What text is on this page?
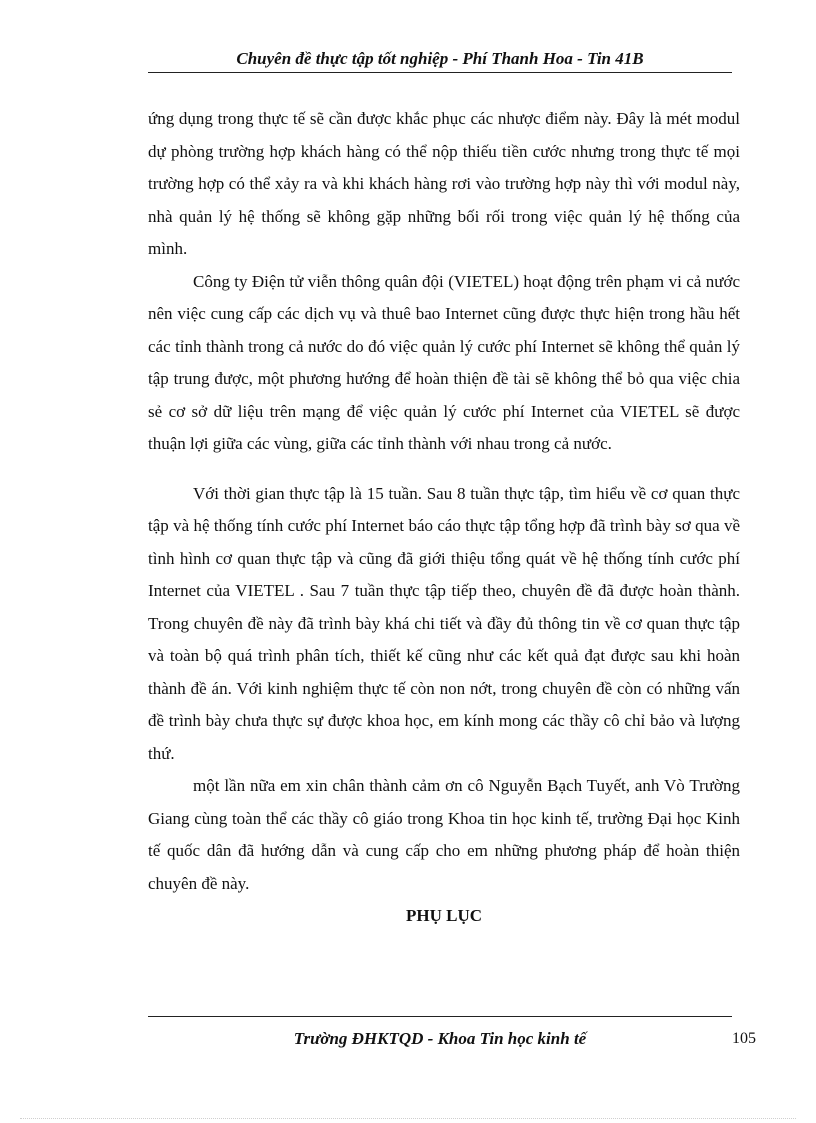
Chuyên đề thực tập tốt nghiệp - Phí Thanh Hoa - Tin 41B

ứng dụng trong thực tế sẽ cần được khắc phục các nhược điểm này. Đây là mét modul dự phòng trường hợp khách hàng có thể nộp thiếu tiền cước nhưng trong thực tế mọi trường hợp có thể xảy ra và khi khách hàng rơi vào trường hợp này thì với modul này, nhà quản lý hệ thống sẽ không gặp những bối rối trong việc quản lý hệ thống của mình.

Công ty Điện tử viễn thông quân đội (VIETEL) hoạt động trên phạm vi cả nước nên việc cung cấp các dịch vụ và thuê bao Internet cũng được thực hiện trong hầu hết các tỉnh thành trong cả nước do đó việc quản lý cước phí Internet sẽ không thể quản lý tập trung được, một phương hướng để hoàn thiện đề tài sẽ không thể bỏ qua việc chia sẻ cơ sở dữ liệu trên mạng để việc quản lý cước phí Internet của VIETEL sẽ được thuận lợi giữa các vùng, giữa các tỉnh thành với nhau trong cả nước.

Với thời gian thực tập là 15 tuần. Sau 8 tuần thực tập, tìm hiểu về cơ quan thực tập và hệ thống tính cước phí Internet báo cáo thực tập tổng hợp đã trình bày sơ qua về tình hình cơ quan thực tập và cũng đã giới thiệu tổng quát về hệ thống tính cước phí Internet của VIETEL . Sau 7 tuần thực tập tiếp theo, chuyên đề đã được hoàn thành. Trong chuyên đề này đã trình bày khá chi tiết và đầy đủ thông tin về cơ quan thực tập và toàn bộ quá trình phân tích, thiết kế cũng như các kết quả đạt được sau khi hoàn thành đề án. Với kinh nghiệm thực tế còn non nớt, trong chuyên đề còn có những vấn đề trình bày chưa thực sự được khoa học, em kính mong các thầy cô chỉ bảo và lượng thứ.

một lần nữa em xin chân thành cảm ơn cô Nguyễn Bạch Tuyết, anh Vò Trường Giang cùng toàn thể các thầy cô giáo trong Khoa tin học kinh tế, trường Đại học Kinh tế quốc dân đã hướng dẫn và cung cấp cho em những phương pháp để hoàn thiện chuyên đề này.

PHỤ LỤC

Trường ĐHKTQD - Khoa Tin học kinh tế	105
